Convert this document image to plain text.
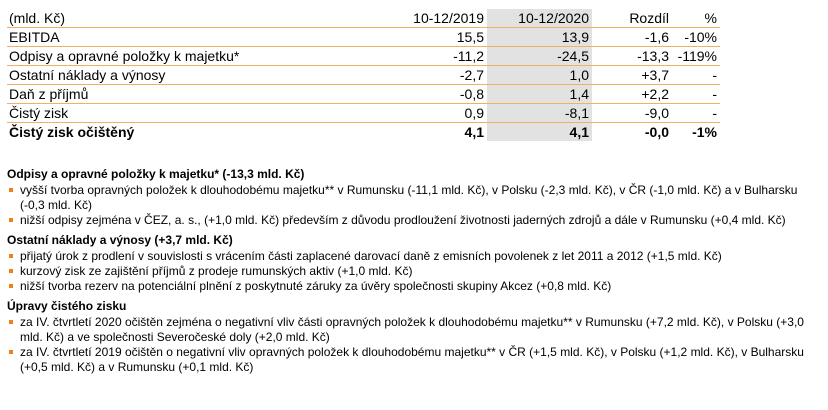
(mld. Kč)	10-12/2019	10-12/2020	Rozdíl	%
EBITDA	15,5	13,9	-1,6	-10%
Odpisy a opravné položky k majetku*	-11,2	-24,5	-13,3	-119%
Ostatní náklady a výnosy	-2,7	1,0	+3,7	-
Daň z příjmů	-0,8	1,4	+2,2	-
Čistý zisk	0,9	-8,1	-9,0	-
Čistý zisk očištěný	4,1	4,1	-0,0	-1%

Odpisy a opravné položky k majetku* (-13,3 mld. Kč)

vyšší tvorba opravných položek k dlouhodobému majetku** v Rumunsku (-11,1 mld. Kč), v Polsku (-2,3 mld. Kč), v ČR (-1,0 mld. Kč) a v Bulharsku (-0,3 mld. Kč)
nižší odpisy zejména v ČEZ, a. s., (+1,0 mld. Kč) především z důvodu prodloužení životnosti jaderných zdrojů a dále v Rumunsku (+0,4 mld. Kč)

Ostatní náklady a výnosy (+3,7 mld. Kč)

přijatý úrok z prodlení v souvislosti s vrácením části zaplacené darovací daně z emisních povolenek z let 2011 a 2012 (+1,5 mld. Kč)
kurzový zisk ze zajištění příjmů z prodeje rumunských aktiv (+1,0 mld. Kč)
nižší tvorba rezerv na potenciální plnění z poskytnuté záruky za úvěry společnosti skupiny Akcez (+0,8 mld. Kč)

Úpravy čistého zisku

za IV. čtvrtletí 2020 očištěn zejména o negativní vliv části opravných položek k dlouhodobému majetku** v Rumunsku (+7,2 mld. Kč), v Polsku (+3,0 mld. Kč) a ve společnosti Severočeské doly (+2,0 mld. Kč)
za IV. čtvrtletí 2019 očištěn o negativní vliv opravných položek k dlouhodobému majetku** v ČR (+1,5 mld. Kč), v Polsku (+1,2 mld. Kč), v Bulharsku (+0,5 mld. Kč) a v Rumunsku (+0,1 mld. Kč)
